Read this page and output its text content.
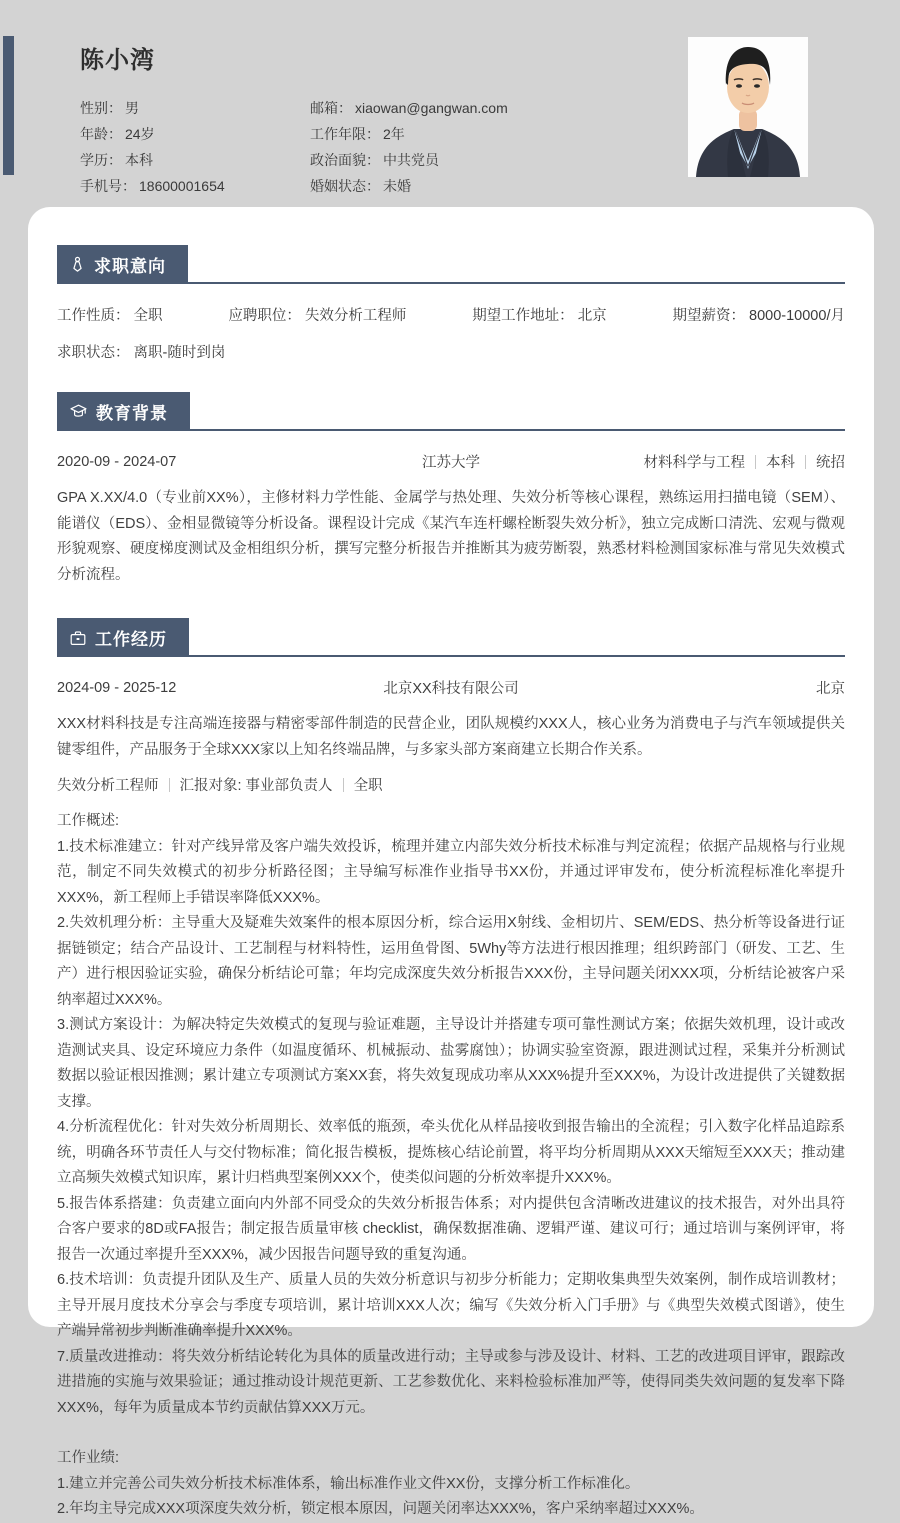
陈小湾
性别： 男
年龄： 24岁
学历： 本科
手机号： 18600001654
邮箱： xiaowan@gangwan.com
工作年限： 2年
政治面貌： 中共党员
婚姻状态： 未婚
求职意向
工作性质： 全职	应聘职位： 失效分析工程师	期望工作地址： 北京	期望薪资： 8000-10000/月
求职状态： 离职-随时到岗
教育背景
2020-09 - 2024-07	江苏大学	材料科学与工程 本科 统招

GPA X.XX/4.0（专业前XX%），主修材料力学性能、金属学与热处理、失效分析等核心课程，熟练运用扫描电镜（SEM）、能谱仪（EDS）、金相显微镜等分析设备。课程设计完成《某汽车连杆螺栓断裂失效分析》，独立完成断口清洗、宏观与微观形貌观察、硬度梯度测试及金相组织分析，撰写完整分析报告并推断其为疲劳断裂，熟悉材料检测国家标准与常见失效模式分析流程。

工作经历
2024-09 - 2025-12	北京XX科技有限公司	北京

XXX材料科技是专注高端连接器与精密零部件制造的民营企业，团队规模约XXX人，核心业务为消费电子与汽车领域提供关键零组件，产品服务于全球XXX家以上知名终端品牌，与多家头部方案商建立长期合作关系。

失效分析工程师 汇报对象: 事业部负责人 全职
工作概述:
1.技术标准建立：针对产线异常及客户端失效投诉，梳理并建立内部失效分析技术标准与判定流程；依据产品规格与行业规范，制定不同失效模式的初步分析路径图；主导编写标准作业指导书XX份，并通过评审发布，使分析流程标准化率提升XXX%，新工程师上手错误率降低XXX%。
2.失效机理分析：主导重大及疑难失效案件的根本原因分析，综合运用X射线、金相切片、SEM/EDS、热分析等设备进行证据链锁定；结合产品设计、工艺制程与材料特性，运用鱼骨图、5Why等方法进行根因推理；组织跨部门（研发、工艺、生产）进行根因验证实验，确保分析结论可靠；年均完成深度失效分析报告XXX份，主导问题关闭XXX项，分析结论被客户采纳率超过XXX%。
3.测试方案设计：为解决特定失效模式的复现与验证难题，主导设计并搭建专项可靠性测试方案；依据失效机理，设计或改造测试夹具、设定环境应力条件（如温度循环、机械振动、盐雾腐蚀）；协调实验室资源，跟进测试过程，采集并分析测试数据以验证根因推测；累计建立专项测试方案XX套，将失效复现成功率从XXX%提升至XXX%，为设计改进提供了关键数据支撑。
4.分析流程优化：针对失效分析周期长、效率低的瓶颈，牵头优化从样品接收到报告输出的全流程；引入数字化样品追踪系统，明确各环节责任人与交付物标准；简化报告模板，提炼核心结论前置，将平均分析周期从XXX天缩短至XXX天；推动建立高频失效模式知识库，累计归档典型案例XXX个，使类似问题的分析效率提升XXX%。
5.报告体系搭建：负责建立面向内外部不同受众的失效分析报告体系；对内提供包含清晰改进建议的技术报告，对外出具符合客户要求的8D或FA报告；制定报告质量审核 checklist，确保数据准确、逻辑严谨、建议可行；通过培训与案例评审，将报告一次通过率提升至XXX%，减少因报告问题导致的重复沟通。
6.技术培训：负责提升团队及生产、质量人员的失效分析意识与初步分析能力；定期收集典型失效案例，制作成培训教材；主导开展月度技术分享会与季度专项培训，累计培训XXX人次；编写《失效分析入门手册》与《典型失效模式图谱》，使生产端异常初步判断准确率提升XXX%。
7.质量改进推动：将失效分析结论转化为具体的质量改进行动；主导或参与涉及设计、材料、工艺的改进项目评审，跟踪改进措施的实施与效果验证；通过推动设计规范更新、工艺参数优化、来料检验标准加严等，使得同类失效问题的复发率下降XXX%，每年为质量成本节约贡献估算XXX万元。
工作业绩:
1.建立并完善公司失效分析技术标准体系，输出标准作业文件XX份，支撑分析工作标准化。
2.年均主导完成XXX项深度失效分析，锁定根本原因，问题关闭率达XXX%，客户采纳率超过XXX%。
